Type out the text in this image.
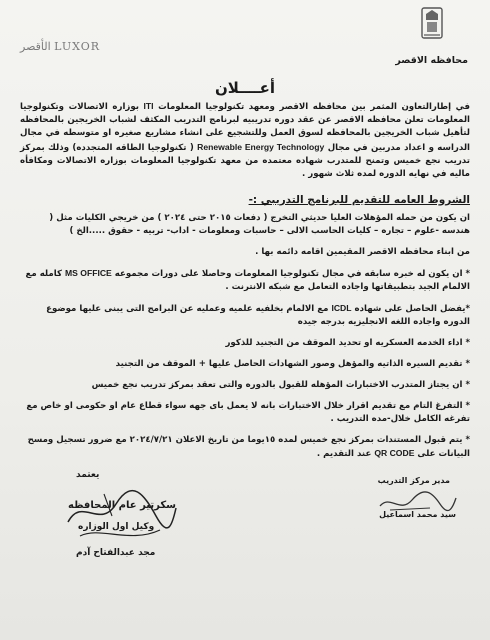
محافظه الاقصر
الأقصر LUXOR
أعــــلان
في إطارالتعاون المثمر بين محافظه الاقصر ومعهد تكنولوجيا المعلومات ITI بوزاره الاتصالات وتكنولوجيا المعلومات تعلن محافظه الاقصر عن عقد دوره تدريبيه لبرنامج التدريب المكثف لشباب الخريجين بالمحافظه لتأهيل شباب الخريجين بالمحافظه لسوق العمل وللتشجيع على انشاء مشاريع صغيره او متوسطه في مجال الدراسه و اعداد مدربين في مجال Renewable Energy Technology ( تكنولوجيا الطاقه المتجدده) وذلك بمركز تدريب نجع خميس وتمنح للمتدرب شهاده معتمده من معهد تكنولوجيا المعلومات بوزاره الاتصالات ومكافأه ماليه في نهايه الدوره لمده ثلاث شهور .
الشروط العامه للتقديم للبرنامج التدريبي :-
ان يكون من حمله المؤهلات العليا حديثي التخرج ( دفعات ٢٠١٥ حتى ٢٠٢٤ ) من خريجي الكليات مثل ( هندسه -علوم – تجاره – كليات الحاسب الالى – حاسبات ومعلومات - اداب- تربيه - حقوق .....الخ )
من ابناء محافظه الاقصر المقيمين اقامه دائمه بها .
* ان يكون له خبره سابقه في مجال تكنولوجيا المعلومات وحاصلا على دورات مجموعه MS OFFICE كامله مع الالمام الجيد بتطبيقاتها واجاده التعامل مع شبكه الانترنت .
*يفضل الحاصل على شهاده ICDL مع الالمام بخلفيه علميه وعمليه عن البرامج التى يبنى عليها موضوع الدوره واجاده اللغه الانجليزيه بدرجه جيده
* اداء الخدمه العسكريه او تحديد الموقف من التجنيد للذكور
* تقديم السيره الذاتيه والمؤهل وصور الشهادات الحاصل عليها + الموقف من التجنيد
* ان يجتاز المتدرب الاختبارات المؤهله للقبول بالدوره والتى تعقد بمركز تدريب نجع خميس
* التفرغ التام مع تقديم اقرار خلال الاختبارات بانه لا يعمل باى جهه سواء قطاع عام او حكومى او خاص مع تفرغه الكامل خلال-مده التدريب .
* يتم قبول المستندات بمركز نجع خميس لمده ١٥يوما من تاريخ الاعلان ٢٠٢٤/٧/٢١ مع ضرور تسجيل ومسح البيانات على QR CODE عند التقديم .
مدير مركز التدريب
سيد محمد اسماعيل
يعتمد
سكرتير عام المحافظه
وكيل اول الوزاره
مجد عبدالفتاح آدم
